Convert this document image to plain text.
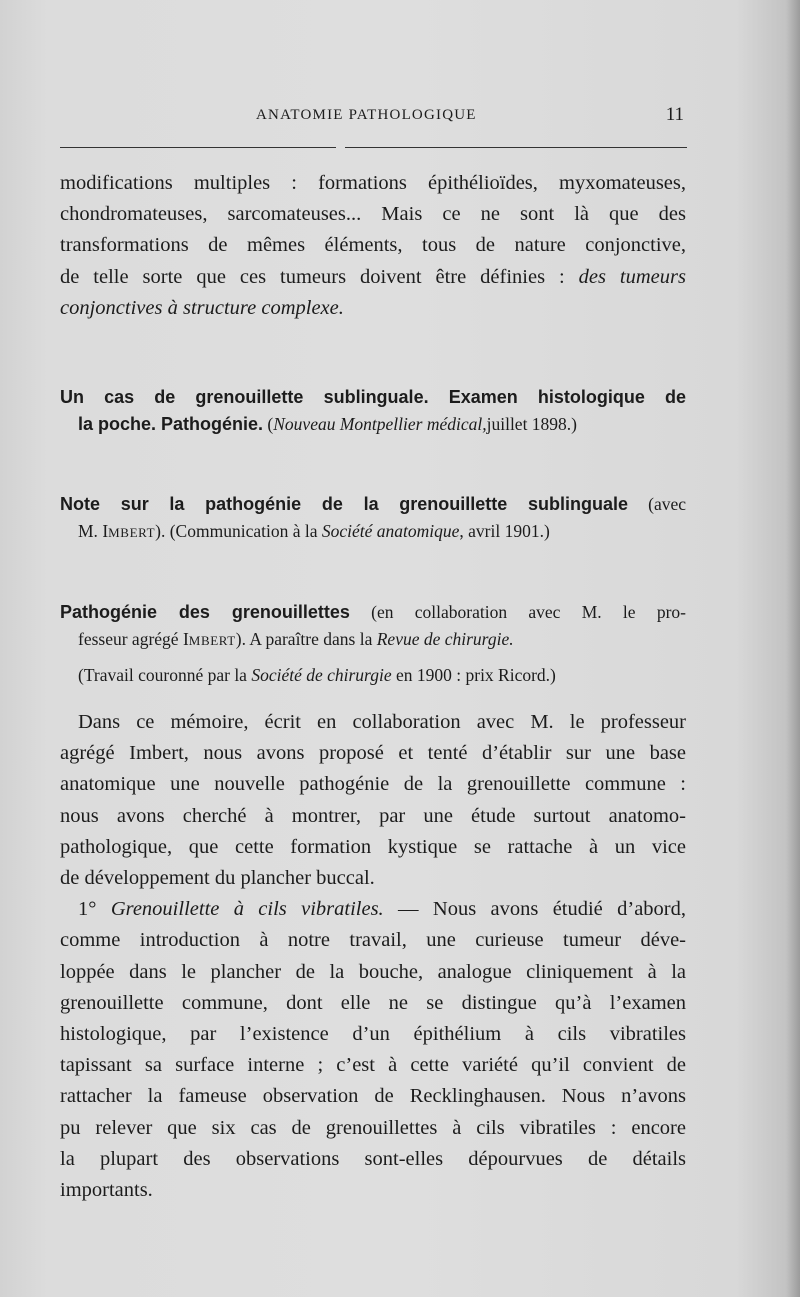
ANATOMIE PATHOLOGIQUE	11

modifications multiples : formations épithélioïdes, myxomateuses,

chondromateuses, sarcomateuses... Mais ce ne sont là que des

transformations de mêmes éléments, tous de nature conjonctive,

de telle sorte que ces tumeurs doivent être définies : des tumeurs

conjonctives à structure complexe.

Un cas de grenouillette sublinguale. Examen histologique de

la poche. Pathogénie. (Nouveau Montpellier médical,juillet 1898.)

Note sur la pathogénie de la grenouillette sublinguale (avec

M. IMBERT). (Communication à la Société anatomique, avril 1901.)

Pathogénie des grenouillettes (en collaboration avec M. le pro-

fesseur agrégé IMBERT). A paraître dans la Revue de chirurgie.

(Travail couronné par la Société de chirurgie en 1900 : prix Ricord.)

Dans ce mémoire, écrit en collaboration avec M. le professeur

agrégé Imbert, nous avons proposé et tenté d’établir sur une base

anatomique une nouvelle pathogénie de la grenouillette commune :

nous avons cherché à montrer, par une étude surtout anatomo-

pathologique, que cette formation kystique se rattache à un vice

de développement du plancher buccal.

1° Grenouillette à cils vibratiles. — Nous avons étudié d’abord,

comme introduction à notre travail, une curieuse tumeur déve-

loppée dans le plancher de la bouche, analogue cliniquement à la

grenouillette commune, dont elle ne se distingue qu’à l’examen

histologique, par l’existence d’un épithélium à cils vibratiles

tapissant sa surface interne ; c’est à cette variété qu’il convient de

rattacher la fameuse observation de Recklinghausen. Nous n’avons

pu relever que six cas de grenouillettes à cils vibratiles : encore

la plupart des observations sont-elles dépourvues de détails

importants.
